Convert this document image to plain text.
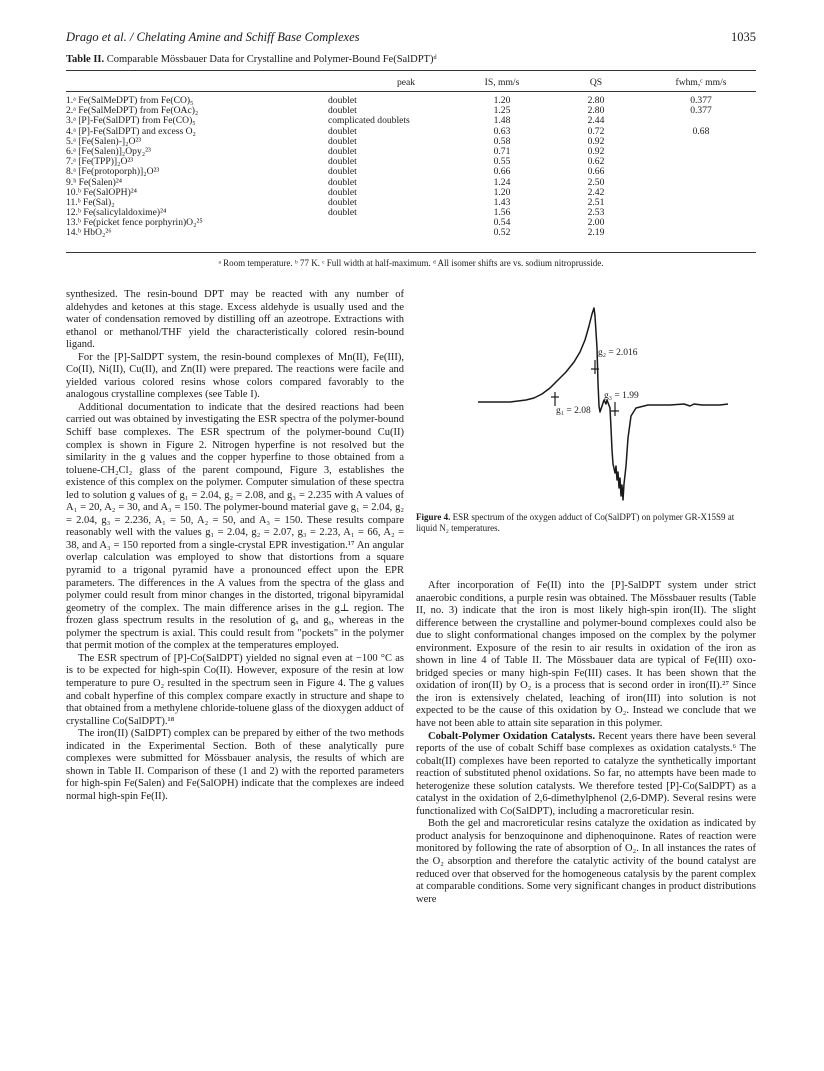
Drago et al. / Chelating Amine and Schiff Base Complexes	1035
Table II. Comparable Mössbauer Data for Crystalline and Polymer-Bound Fe(SalDPT)ᵈ
peak	IS, mm/s	QS	fwhm,ᶜ mm/s
1.ᵃ Fe(SalMeDPT) from Fe(CO)₅	doublet	1.20	2.80	0.377
2.ᵃ Fe(SalMeDPT) from Fe(OAc)₂	doublet	1.25	2.80	0.377
3.ᵃ [P]-Fe(SalDPT) from Fe(CO)₅	complicated doublets	1.48	2.44
4.ᵃ [P]-Fe(SalDPT) and excess O₂	doublet	0.63	0.72	0.68
5.ᵃ [Fe(Salen)-]₂O²³	doublet	0.58	0.92
6.ᵃ [Fe(Salen)]₂Opy₂²³	doublet	0.71	0.92
7.ᵃ [Fe(TPP)]₂O²³	doublet	0.55	0.62
8.ᵃ [Fe(protoporph)]₂O²³	doublet	0.66	0.66
9.ᵇ Fe(Salen)²⁴	doublet	1.24	2.50
10.ᵇ Fe(SalOPH)²⁴	doublet	1.20	2.42
11.ᵇ Fe(Sal)₂	doublet	1.43	2.51
12.ᵇ Fe(salicylaldoxime)²⁴	doublet	1.56	2.53
13.ᵇ Fe(picket fence porphyrin)O₂²⁵	0.54	2.00
14.ᵇ HbO₂²⁶	0.52	2.19
ᵃ Room temperature. ᵇ 77 K. ᶜ Full width at half-maximum. ᵈ All isomer shifts are vs. sodium nitroprusside.

synthesized. The resin-bound DPT may be reacted with any number of aldehydes and ketones at this stage. Excess aldehyde is usually used and the water of condensation removed by distilling off an azeotrope. Extractions with ethanol or methanol/THF yield the characteristically colored resin-bound ligand.

For the [P]-SalDPT system, the resin-bound complexes of Mn(II), Fe(III), Co(II), Ni(II), Cu(II), and Zn(II) were prepared. The reactions were facile and yielded various colored resins whose colors compared favorably to the analogous crystalline complexes (see Table I).

Additional documentation to indicate that the desired reactions had been carried out was obtained by investigating the ESR spectra of the polymer-bound Schiff base complexes. The ESR spectrum of the polymer-bound Cu(II) complex is shown in Figure 2. Nitrogen hyperfine is not resolved but the similarity in the g values and the copper hyperfine to those obtained from a toluene-CH₂Cl₂ glass of the parent compound, Figure 3, establishes the existence of this complex on the polymer. Computer simulation of these spectra led to solution g values of g₁ = 2.04, g₂ = 2.08, and g₃ = 2.235 with A values of A₁ = 20, A₂ = 30, and A₃ = 150. The polymer-bound material gave g₁ = 2.04, g₂ = 2.04, g₃ = 2.236, A₁ = 50, A₂ = 50, and A₃ = 150. These results compare reasonably well with the values g₁ = 2.04, g₂ = 2.07, g₃ = 2.23, A₁ = 66, A₂ = 38, and A₃ = 150 reported from a single-crystal EPR investigation.¹⁷ An angular overlap calculation was employed to show that distortions from a square pyramid to a trigonal pyramid have a pronounced effect upon the EPR parameters. The differences in the A values from the spectra of the glass and polymer could result from minor changes in the distorted, trigonal bipyramidal geometry of the complex. The main difference arises in the g⊥ region. The frozen glass spectrum results in the resolution of gₓ and gᵧ, whereas in the polymer the spectrum is axial. This could result from "pockets" in the polymer that permit motion of the complex at the temperatures employed.

The ESR spectrum of [P]-Co(SalDPT) yielded no signal even at −100 °C as is to be expected for high-spin Co(II). However, exposure of the resin at low temperature to pure O₂ resulted in the spectrum seen in Figure 4. The g values and cobalt hyperfine of this complex compare exactly in structure and shape to that obtained from a methylene chloride-toluene glass of the dioxygen adduct of crystalline Co(SalDPT).¹⁸

The iron(II) (SalDPT) complex can be prepared by either of the two methods indicated in the Experimental Section. Both of these analytically pure complexes were submitted for Mössbauer analysis, the results of which are shown in Table II. Comparison of these (1 and 2) with the reported parameters for high-spin Fe(Salen) and Fe(SalOPH) indicate that the complexes are indeed normal high-spin Fe(II).

g₂ = 2.016
g₃ = 1.99
g₁ = 2.08
Figure 4. ESR spectrum of the oxygen adduct of Co(SalDPT) on polymer GR-X15S9 at liquid N₂ temperatures.

After incorporation of Fe(II) into the [P]-SalDPT system under strict anaerobic conditions, a purple resin was obtained. The Mössbauer results (Table II, no. 3) indicate that the iron is most likely high-spin iron(II). The slight difference between the crystalline and polymer-bound complexes could also be due to slight conformational changes imposed on the complex by the polymer environment. Exposure of the resin to air results in oxidation of the iron as shown in line 4 of Table II. The Mössbauer data are typical of Fe(III) oxo-bridged species or many high-spin Fe(III) cases. It has been shown that the oxidation of iron(II) by O₂ is a process that is second order in iron(II).²⁷ Since the iron is extensively chelated, leaching of iron(III) into solution is not expected to be the cause of this oxidation by O₂. Instead we conclude that we have not been able to attain site separation in this polymer.

Cobalt-Polymer Oxidation Catalysts. Recent years there have been several reports of the use of cobalt Schiff base complexes as oxidation catalysts.⁶ The cobalt(II) complexes have been reported to catalyze the synthetically important reaction of substituted phenol oxidations. So far, no attempts have been made to heterogenize these solution catalysts. We therefore tested [P]-Co(SalDPT) as a catalyst in the oxidation of 2,6-dimethylphenol (2,6-DMP). Several resins were functionalized with Co(SalDPT), including a macroreticular resin.

Both the gel and macroreticular resins catalyze the oxidation as indicated by product analysis for benzoquinone and diphenoquinone. Rates of reaction were monitored by following the rate of absorption of O₂. In all instances the rates of the O₂ absorption and therefore the catalytic activity of the bound catalyst are reduced over that observed for the homogeneous catalysis by the parent complex at comparable conditions. Some very significant changes in product distributions were
